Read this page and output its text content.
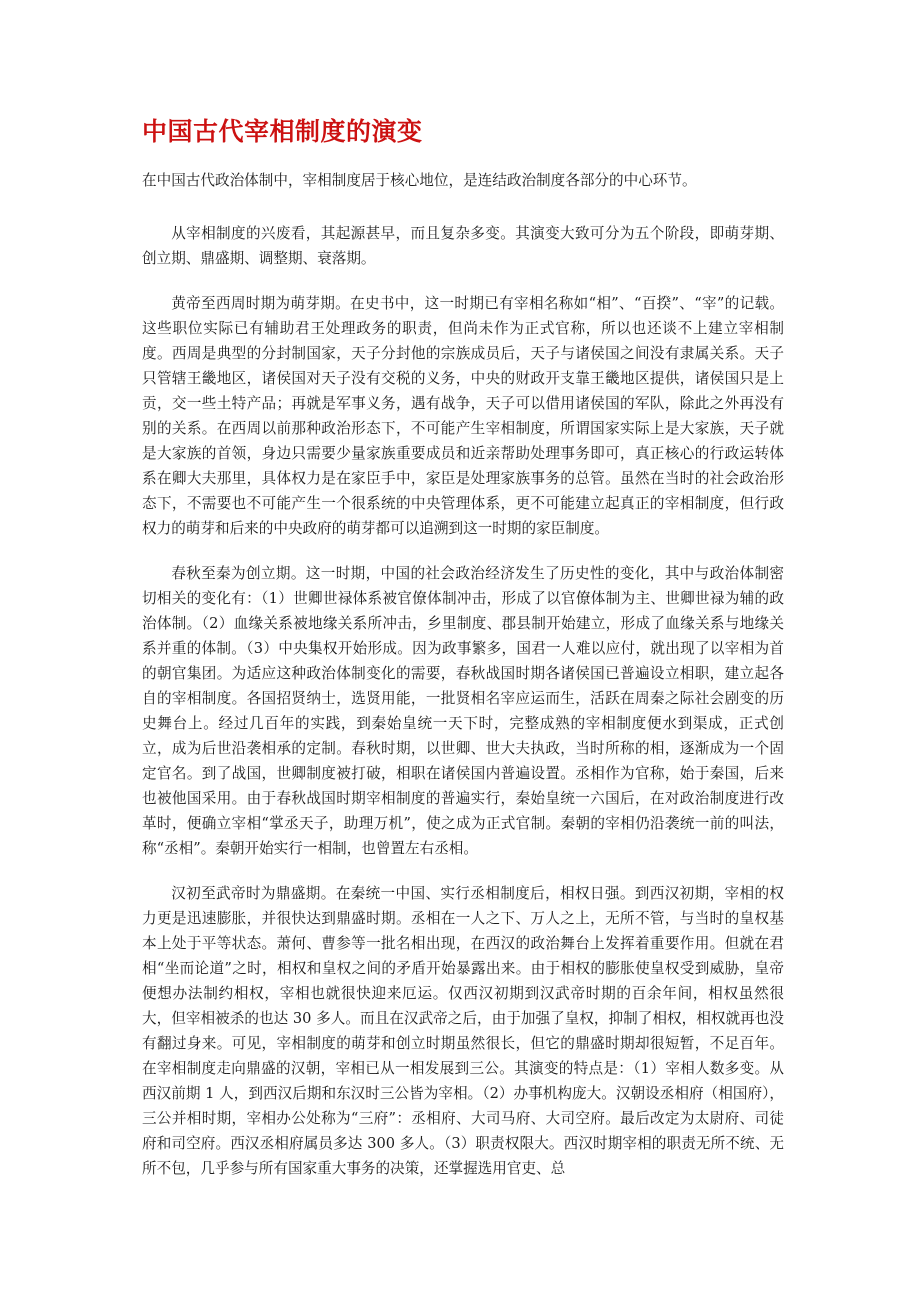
中国古代宰相制度的演变

在中国古代政治体制中，宰相制度居于核心地位，是连结政治制度各部分的中心环节。

从宰相制度的兴废看，其起源甚早，而且复杂多变。其演变大致可分为五个阶段，即萌芽期、创立期、鼎盛期、调整期、衰落期。

黄帝至西周时期为萌芽期。在史书中，这一时期已有宰相名称如“相”、“百揆”、“宰”的记载。这些职位实际已有辅助君王处理政务的职责，但尚未作为正式官称，所以也还谈不上建立宰相制度。西周是典型的分封制国家，天子分封他的宗族成员后，天子与诸侯国之间没有隶属关系。天子只管辖王畿地区，诸侯国对天子没有交税的义务，中央的财政开支靠王畿地区提供，诸侯国只是上贡，交一些土特产品；再就是军事义务，遇有战争，天子可以借用诸侯国的军队，除此之外再没有别的关系。在西周以前那种政治形态下，不可能产生宰相制度，所谓国家实际上是大家族，天子就是大家族的首领，身边只需要少量家族重要成员和近亲帮助处理事务即可，真正核心的行政运转体系在卿大夫那里，具体权力是在家臣手中，家臣是处理家族事务的总管。虽然在当时的社会政治形态下，不需要也不可能产生一个很系统的中央管理体系，更不可能建立起真正的宰相制度，但行政权力的萌芽和后来的中央政府的萌芽都可以追溯到这一时期的家臣制度。

春秋至秦为创立期。这一时期，中国的社会政治经济发生了历史性的变化，其中与政治体制密切相关的变化有：（1）世卿世禄体系被官僚体制冲击，形成了以官僚体制为主、世卿世禄为辅的政治体制。（2）血缘关系被地缘关系所冲击，乡里制度、郡县制开始建立，形成了血缘关系与地缘关系并重的体制。（3）中央集权开始形成。因为政事繁多，国君一人难以应付，就出现了以宰相为首的朝官集团。为适应这种政治体制变化的需要，春秋战国时期各诸侯国已普遍设立相职，建立起各自的宰相制度。各国招贤纳士，选贤用能，一批贤相名宰应运而生，活跃在周秦之际社会剧变的历史舞台上。经过几百年的实践，到秦始皇统一天下时，完整成熟的宰相制度便水到渠成，正式创立，成为后世沿袭相承的定制。春秋时期，以世卿、世大夫执政，当时所称的相，逐渐成为一个固定官名。到了战国，世卿制度被打破，相职在诸侯国内普遍设置。丞相作为官称，始于秦国，后来也被他国采用。由于春秋战国时期宰相制度的普遍实行，秦始皇统一六国后，在对政治制度进行改革时，便确立宰相“掌丞天子，助理万机”，使之成为正式官制。秦朝的宰相仍沿袭统一前的叫法，称“丞相”。秦朝开始实行一相制，也曾置左右丞相。

汉初至武帝时为鼎盛期。在秦统一中国、实行丞相制度后，相权日强。到西汉初期，宰相的权力更是迅速膨胀，并很快达到鼎盛时期。丞相在一人之下、万人之上，无所不管，与当时的皇权基本上处于平等状态。萧何、曹参等一批名相出现，在西汉的政治舞台上发挥着重要作用。但就在君相“坐而论道”之时，相权和皇权之间的矛盾开始暴露出来。由于相权的膨胀使皇权受到威胁，皇帝便想办法制约相权，宰相也就很快迎来厄运。仅西汉初期到汉武帝时期的百余年间，相权虽然很大，但宰相被杀的也达 30 多人。而且在汉武帝之后，由于加强了皇权，抑制了相权，相权就再也没有翻过身来。可见，宰相制度的萌芽和创立时期虽然很长，但它的鼎盛时期却很短暂，不足百年。在宰相制度走向鼎盛的汉朝，宰相已从一相发展到三公。其演变的特点是：（1）宰相人数多变。从西汉前期 1 人，到西汉后期和东汉时三公皆为宰相。（2）办事机构庞大。汉朝设丞相府（相国府），三公并相时期，宰相办公处称为“三府”：丞相府、大司马府、大司空府。最后改定为太尉府、司徒府和司空府。西汉丞相府属员多达 300 多人。（3）职责权限大。西汉时期宰相的职责无所不统、无所不包，几乎参与所有国家重大事务的决策，还掌握选用官吏、总
